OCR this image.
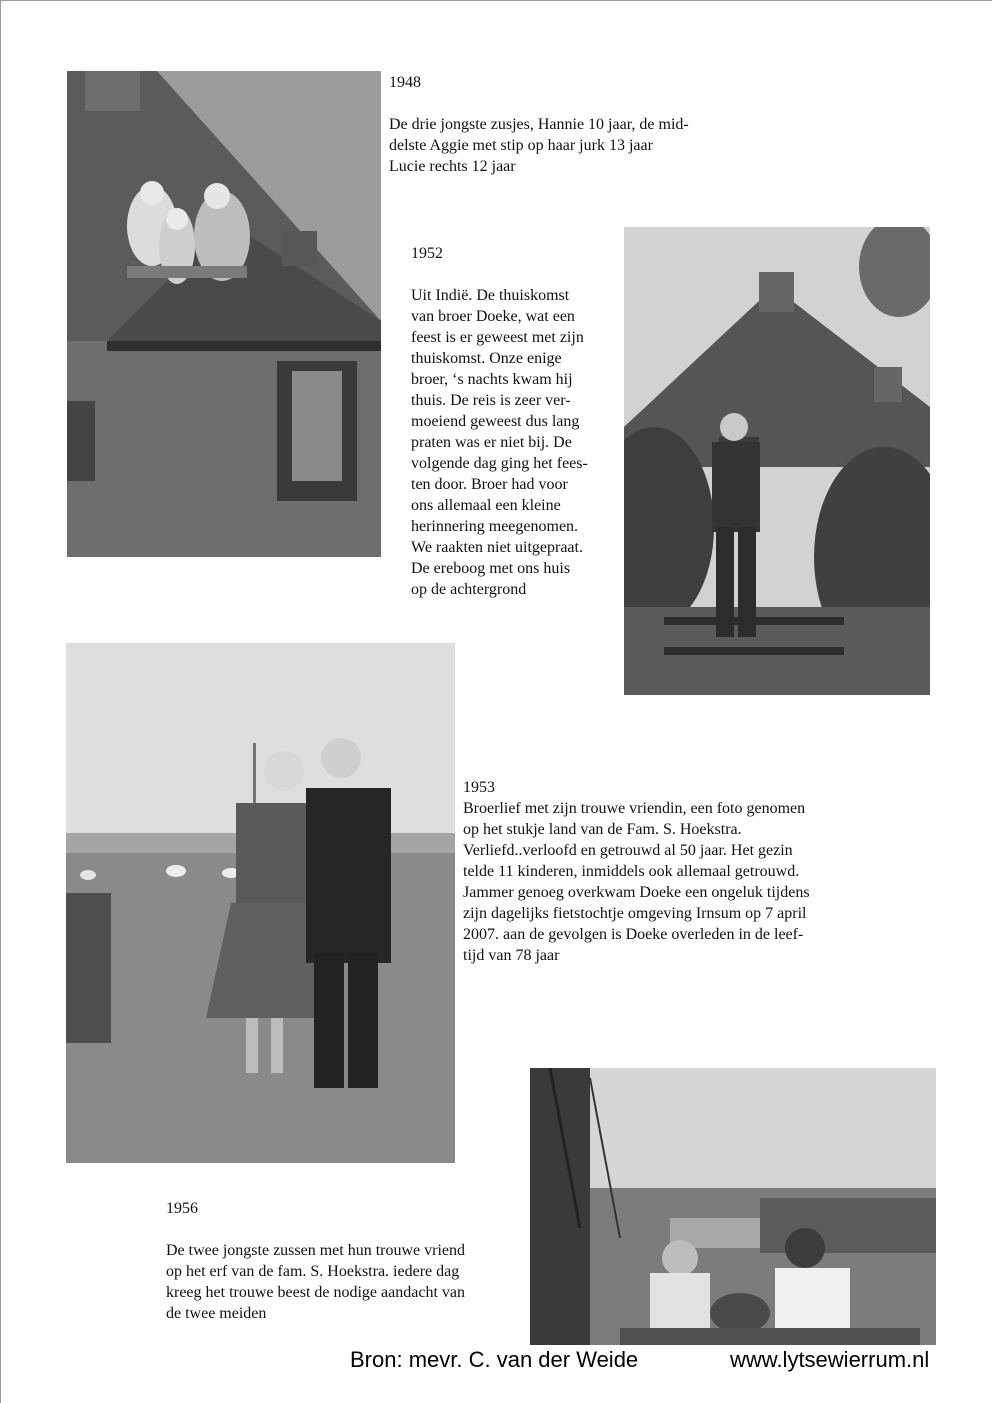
1948

De drie jongste zusjes, Hannie 10 jaar, de mid-

delste Aggie met stip op haar jurk 13 jaar

Lucie rechts 12 jaar

1952

Uit Indië. De thuiskomst

van broer Doeke, wat een

feest is er geweest met zijn

thuiskomst. Onze enige

broer, ‘s nachts kwam hij

thuis. De reis is zeer ver-

moeiend geweest dus lang

praten was er niet bij. De

volgende dag ging het fees-

ten door. Broer had voor

ons allemaal een kleine

herinnering meegenomen.

We raakten niet uitgepraat.

De ereboog met ons huis

op de achtergrond

1953

Broerlief met zijn trouwe vriendin, een foto genomen

op het stukje land van de Fam. S. Hoekstra.

Verliefd..verloofd en getrouwd al 50 jaar. Het gezin

telde 11 kinderen, inmiddels ook allemaal getrouwd.

Jammer genoeg overkwam Doeke een ongeluk tijdens

zijn dagelijks fietstochtje omgeving Irnsum op 7 april

2007. aan de gevolgen is Doeke overleden in de leef-

tijd van 78 jaar

1956

De twee jongste zussen met hun trouwe vriend

op het erf van de fam. S. Hoekstra. iedere dag

kreeg het trouwe beest de nodige aandacht van

de twee meiden

Bron: mevr. C. van der Weide	www.lytsewierrum.nl
